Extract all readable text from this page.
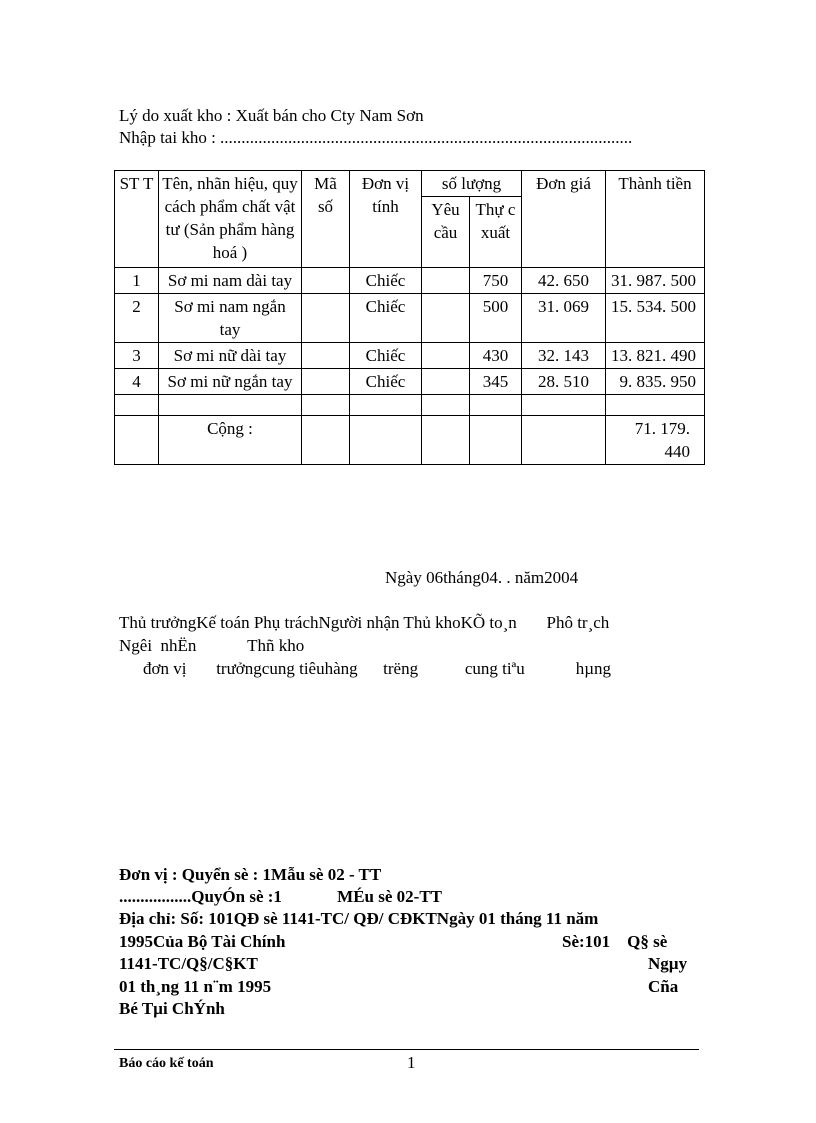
Lý do xuất kho : Xuất bán cho Cty Nam Sơn
Nhập tai kho : .................................................................................................
ST T	Tên, nhãn hiệu, quy cách phẩm chất vật tư (Sản phẩm hàng hoá )	Mã số	Đơn vị tính	số lượng		Đơn giá	Thành tiền
				Yêu cầu	Thự c xuất		
1	Sơ mi nam dài tay		Chiếc		750	42. 650	31. 987. 500
2	Sơ mi nam ngắn tay		Chiếc		500	31. 069	15. 534. 500
3	Sơ mi nữ dài tay		Chiếc		430	32. 143	13. 821. 490
4	Sơ mi nữ ngắn tay		Chiếc		345	28. 510	9. 835. 950

	Cộng :						71. 179. 440
Ngày 06tháng04. . năm2004
Thủ trưởngKế toán Phụ tráchNgười nhận Thủ khoKÕ to¸n       Phô tr¸ch
Ngêi  nhËn            Thñ kho
đơn vị       trưởngcung tiêuhàng      trëng           cung tiªu            hµng
Đơn vị : Quyển sè : 1Mẫu sè 02 - TT
.................QuyÓn sè :1             MÉu sè 02-TT
Địa chỉ: Số: 101QĐ sè 1141-TC/ QĐ/ CĐKTNgày 01 tháng 11 năm
1995Của Bộ Tài Chính	Sè:101    Q§ sè
1141-TC/Q§/C§KT	Ngµy
01 th¸ng 11 n¨m 1995	Cña
Bé Tµi ChÝnh
Báo cáo kế toán	1
